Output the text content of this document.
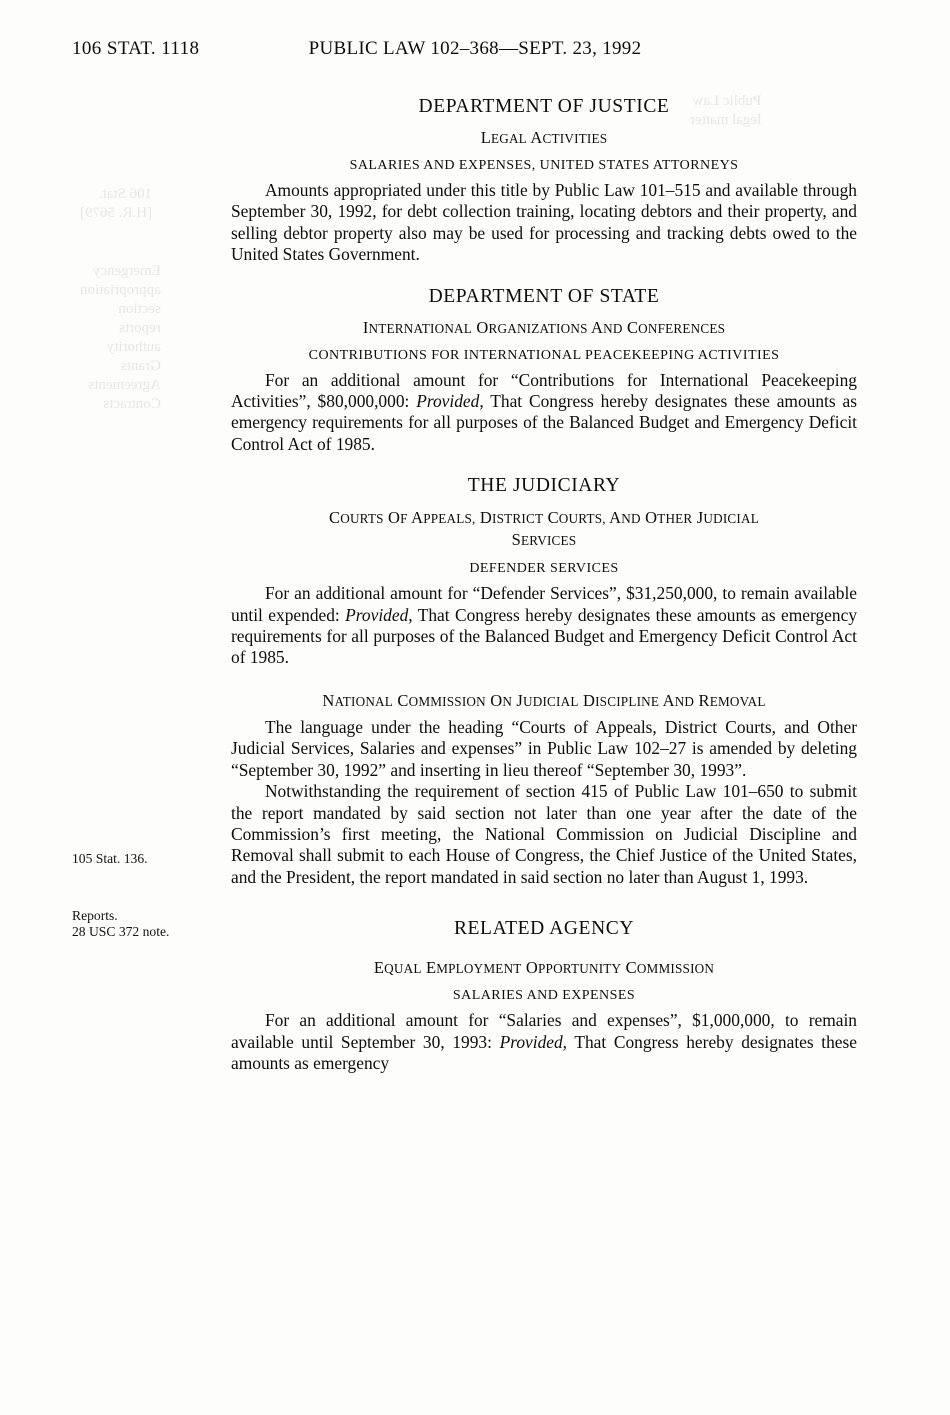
Public Law
legal matter
106 Stat.
[H.R. 5679]
Emergency
appropriation
section
reports
authority
Grants
Agreements
Contracts
106 STAT. 1118	PUBLIC LAW 102–368—SEPT. 23, 1992
105 Stat. 136.
Reports.
28 USC 372 note.
DEPARTMENT OF JUSTICE
LEGAL ACTIVITIES
SALARIES AND EXPENSES, UNITED STATES ATTORNEYS

Amounts appropriated under this title by Public Law 101–515 and available through September 30, 1992, for debt collection training, locating debtors and their property, and selling debtor property also may be used for processing and tracking debts owed to the United States Government.

DEPARTMENT OF STATE
INTERNATIONAL ORGANIZATIONS AND CONFERENCES
CONTRIBUTIONS FOR INTERNATIONAL PEACEKEEPING ACTIVITIES

For an additional amount for “Contributions for International Peacekeeping Activities”, $80,000,000: Provided, That Congress hereby designates these amounts as emergency requirements for all purposes of the Balanced Budget and Emergency Deficit Control Act of 1985.

THE JUDICIARY
COURTS OF APPEALS, DISTRICT COURTS, AND OTHER JUDICIAL
SERVICES
DEFENDER SERVICES

For an additional amount for “Defender Services”, $31,250,000, to remain available until expended: Provided, That Congress hereby designates these amounts as emergency requirements for all purposes of the Balanced Budget and Emergency Deficit Control Act of 1985.

NATIONAL COMMISSION ON JUDICIAL DISCIPLINE AND REMOVAL

The language under the heading “Courts of Appeals, District Courts, and Other Judicial Services, Salaries and expenses” in Public Law 102–27 is amended by deleting “September 30, 1992” and inserting in lieu thereof “September 30, 1993”.

Notwithstanding the requirement of section 415 of Public Law 101–650 to submit the report mandated by said section not later than one year after the date of the Commission’s first meeting, the National Commission on Judicial Discipline and Removal shall submit to each House of Congress, the Chief Justice of the United States, and the President, the report mandated in said section no later than August 1, 1993.

RELATED AGENCY
EQUAL EMPLOYMENT OPPORTUNITY COMMISSION
SALARIES AND EXPENSES

For an additional amount for “Salaries and expenses”, $1,000,000, to remain available until September 30, 1993: Provided, That Congress hereby designates these amounts as emergency
